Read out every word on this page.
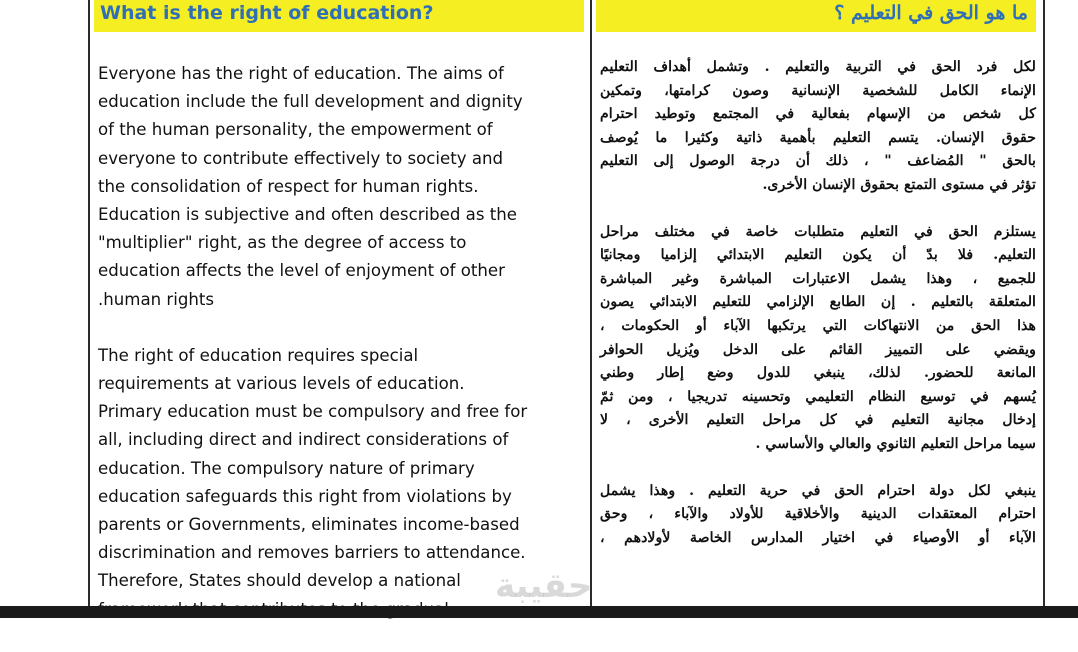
What is the right of education?	ما هو الحق في التعليم ؟

Everyone has the right of education. The aims of
education include the full development and dignity
of the human personality, the empowerment of
everyone to contribute effectively to society and
the consolidation of respect for human rights.
Education is subjective and often described as the
"multiplier" right, as the degree of access to
education affects the level of enjoyment of other
.human rights

The right of education requires special
requirements at various levels of education.
Primary education must be compulsory and free for
all, including direct and indirect considerations of
education. The compulsory nature of primary
education safeguards this right from violations by
parents or Governments, eliminates income-based
discrimination and removes barriers to attendance.
Therefore, States should develop a national

لكل فرد الحق في التربية والتعليم . وتشمل أهداف التعليم
الإنماء الكامل للشخصية الإنسانية وصون كرامتها، وتمكين
كل شخص من الإسهام بفعالية في المجتمع وتوطيد احترام
حقوق الإنسان. يتسم التعليم بأهمية ذاتية وكثيرا ما يُوصف
بالحق " المُضاعف " ، ذلك أن درجة الوصول إلى التعليم
تؤثر في مستوى التمتع بحقوق الإنسان الأخرى.

يستلزم الحق في التعليم متطلبات خاصة في مختلف مراحل
التعليم. فلا بدّ أن يكون التعليم الابتدائي إلزاميا ومجانيًا
للجميع ، وهذا يشمل الاعتبارات المباشرة وغير المباشرة
المتعلقة بالتعليم . إن الطابع الإلزامي للتعليم الابتدائي يصون
هذا الحق من الانتهاكات التي يرتكبها الآباء أو الحكومات ،
ويقضي على التمييز القائم على الدخل ويُزيل الحوافر
المانعة للحضور. لذلك، ينبغي للدول وضع إطار وطني
يُسهم في توسيع النظام التعليمي وتحسينه تدريجيا ، ومن ثمّ
إدخال مجانية التعليم في كل مراحل التعليم الأخرى ، لا
سيما مراحل التعليم الثانوي والعالي والأساسي .

ينبغي لكل دولة احترام الحق في حرية التعليم . وهذا يشمل
احترام المعتقدات الدينية والأخلاقية للأولاد والآباء ، وحق
الآباء أو الأوصياء في اختيار المدارس الخاصة لأولادهم ،

حقيبة
